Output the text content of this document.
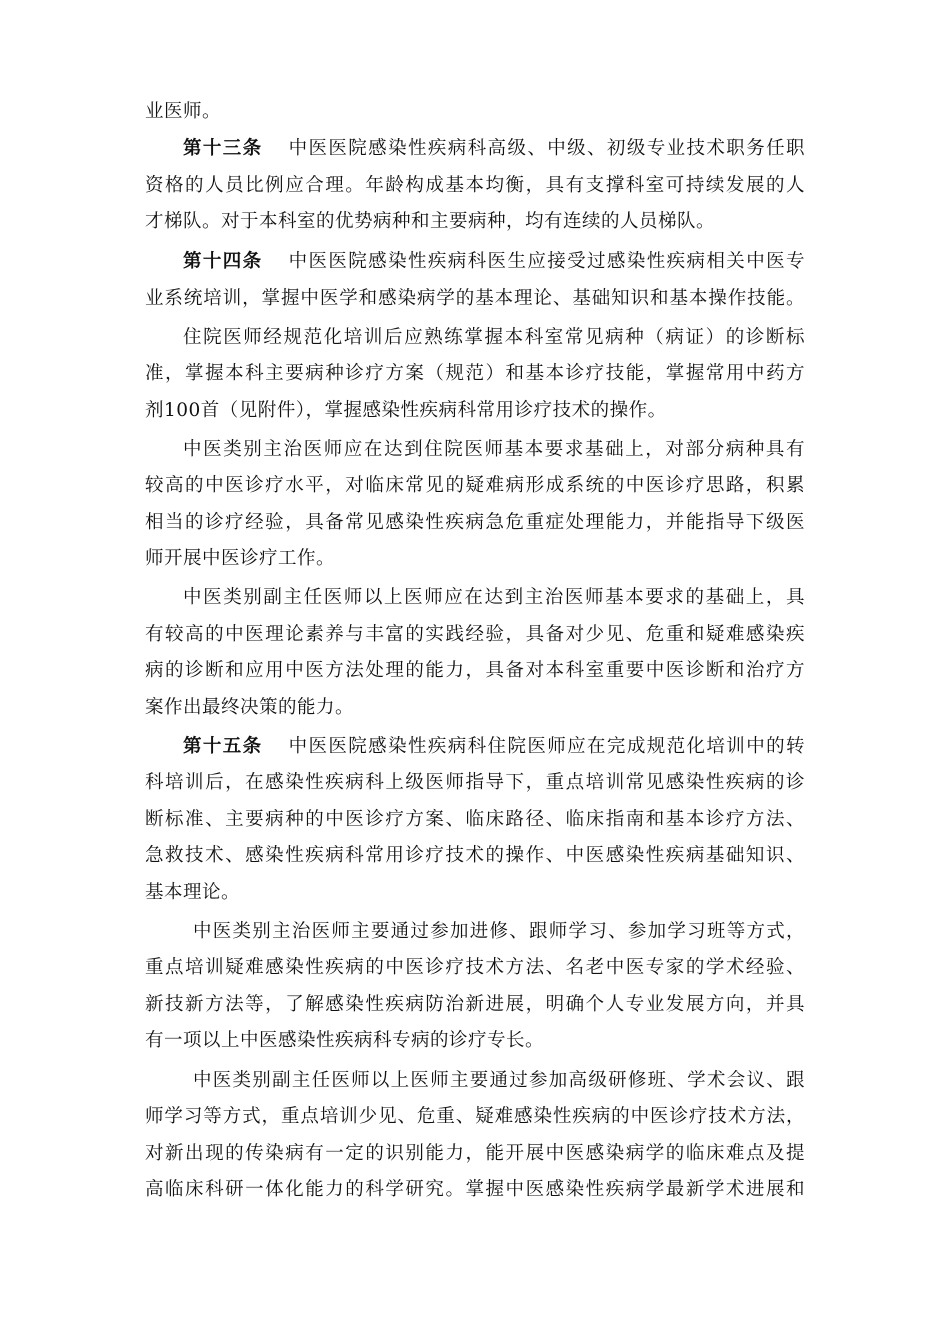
业医师。
第十三条 中医医院感染性疾病科高级、中级、初级专业技术职务任职
资格的人员比例应合理。年龄构成基本均衡，具有支撑科室可持续发展的人
才梯队。对于本科室的优势病种和主要病种，均有连续的人员梯队。
第十四条 中医医院感染性疾病科医生应接受过感染性疾病相关中医专
业系统培训，掌握中医学和感染病学的基本理论、基础知识和基本操作技能。
住院医师经规范化培训后应熟练掌握本科室常见病种（病证）的诊断标
准，掌握本科主要病种诊疗方案（规范）和基本诊疗技能，掌握常用中药方
剂100首（见附件），掌握感染性疾病科常用诊疗技术的操作。
中医类别主治医师应在达到住院医师基本要求基础上，对部分病种具有
较高的中医诊疗水平，对临床常见的疑难病形成系统的中医诊疗思路，积累
相当的诊疗经验，具备常见感染性疾病急危重症处理能力，并能指导下级医
师开展中医诊疗工作。
中医类别副主任医师以上医师应在达到主治医师基本要求的基础上，具
有较高的中医理论素养与丰富的实践经验，具备对少见、危重和疑难感染疾
病的诊断和应用中医方法处理的能力，具备对本科室重要中医诊断和治疗方
案作出最终决策的能力。
第十五条 中医医院感染性疾病科住院医师应在完成规范化培训中的转
科培训后，在感染性疾病科上级医师指导下，重点培训常见感染性疾病的诊
断标准、主要病种的中医诊疗方案、临床路径、临床指南和基本诊疗方法、
急救技术、感染性疾病科常用诊疗技术的操作、中医感染性疾病基础知识、
基本理论。
中医类别主治医师主要通过参加进修、跟师学习、参加学习班等方式，
重点培训疑难感染性疾病的中医诊疗技术方法、名老中医专家的学术经验、
新技新方法等，了解感染性疾病防治新进展，明确个人专业发展方向，并具
有一项以上中医感染性疾病科专病的诊疗专长。
中医类别副主任医师以上医师主要通过参加高级研修班、学术会议、跟
师学习等方式，重点培训少见、危重、疑难感染性疾病的中医诊疗技术方法，
对新出现的传染病有一定的识别能力，能开展中医感染病学的临床难点及提
高临床科研一体化能力的科学研究。掌握中医感染性疾病学最新学术进展和
